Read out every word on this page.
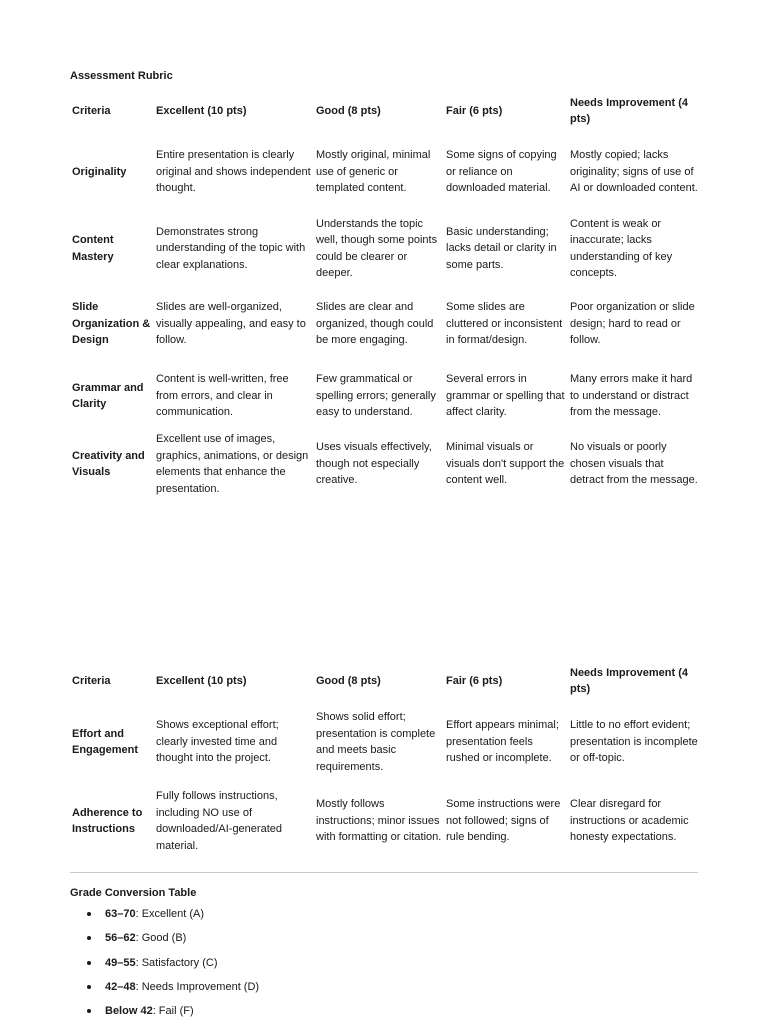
Assessment Rubric
Criteria	Excellent (10 pts)	Good (8 pts)	Fair (6 pts)	Needs Improvement (4 pts)
Originality	Entire presentation is clearly original and shows independent thought.	Mostly original, minimal use of generic or templated content.	Some signs of copying or reliance on downloaded material.	Mostly copied; lacks originality; signs of use of AI or downloaded content.
Content Mastery	Demonstrates strong understanding of the topic with clear explanations.	Understands the topic well, though some points could be clearer or deeper.	Basic understanding; lacks detail or clarity in some parts.	Content is weak or inaccurate; lacks understanding of key concepts.
Slide Organization & Design	Slides are well-organized, visually appealing, and easy to follow.	Slides are clear and organized, though could be more engaging.	Some slides are cluttered or inconsistent in format/design.	Poor organization or slide design; hard to read or follow.
Grammar and Clarity	Content is well-written, free from errors, and clear in communication.	Few grammatical or spelling errors; generally easy to understand.	Several errors in grammar or spelling that affect clarity.	Many errors make it hard to understand or distract from the message.
Creativity and Visuals	Excellent use of images, graphics, animations, or design elements that enhance the presentation.	Uses visuals effectively, though not especially creative.	Minimal visuals or visuals don't support the content well.	No visuals or poorly chosen visuals that detract from the message.
Criteria	Excellent (10 pts)	Good (8 pts)	Fair (6 pts)	Needs Improvement (4 pts)
Effort and Engagement	Shows exceptional effort; clearly invested time and thought into the project.	Shows solid effort; presentation is complete and meets basic requirements.	Effort appears minimal; presentation feels rushed or incomplete.	Little to no effort evident; presentation is incomplete or off-topic.
Adherence to Instructions	Fully follows instructions, including NO use of downloaded/AI-generated material.	Mostly follows instructions; minor issues with formatting or citation.	Some instructions were not followed; signs of rule bending.	Clear disregard for instructions or academic honesty expectations.
Grade Conversion Table
63–70: Excellent (A)
56–62: Good (B)
49–55: Satisfactory (C)
42–48: Needs Improvement (D)
Below 42: Fail (F)
